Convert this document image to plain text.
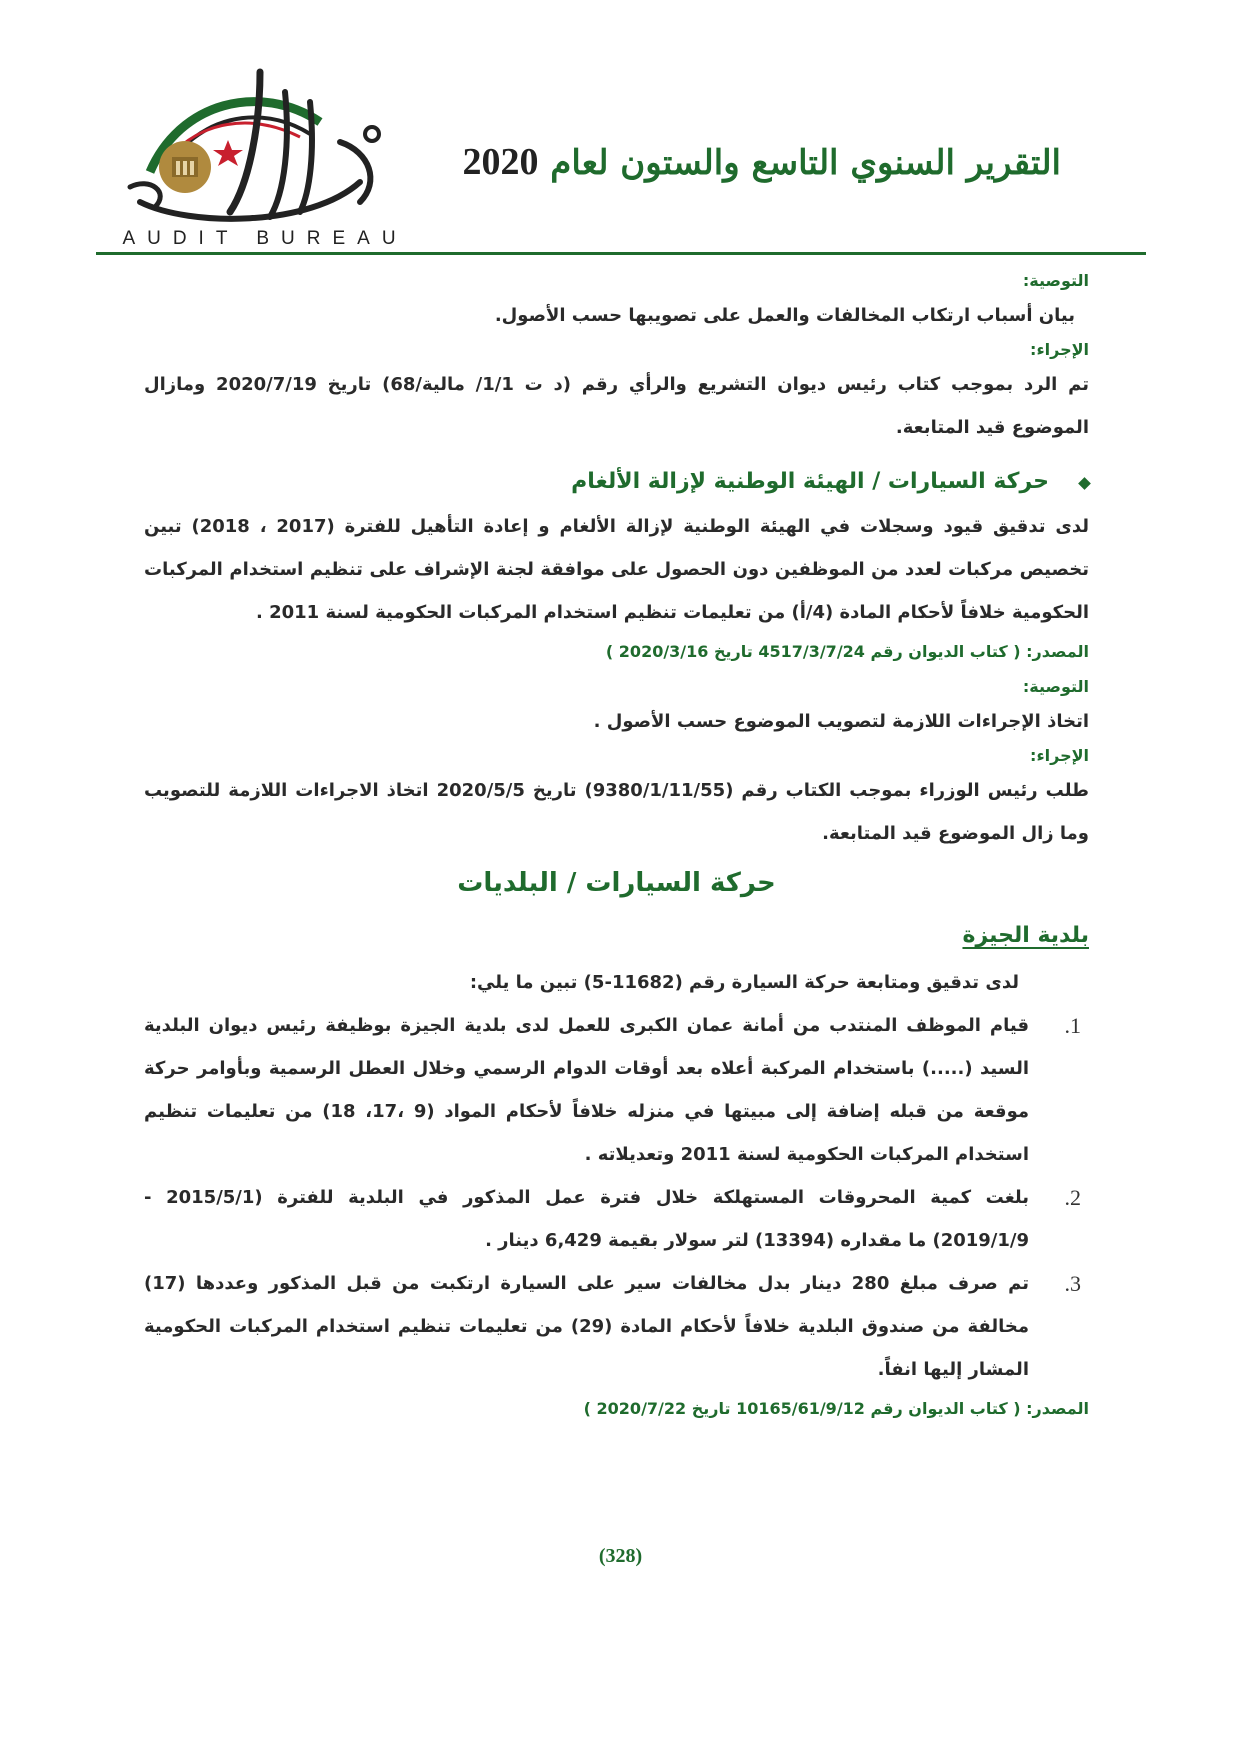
التقرير السنوي التاسع والستون لعام 2020
AUDIT BUREAU

التوصية:

بيان أسباب ارتكاب المخالفات والعمل على تصويبها حسب الأصول.

الإجراء:

تم الرد بموجب كتاب رئيس ديوان التشريع والرأي رقم (د ت 1/1/ مالية/68) تاريخ 2020/7/19 ومازال الموضوع قيد المتابعة.

حركة السيارات / الهيئة الوطنية لإزالة الألغام

لدى تدقيق قيود وسجلات في الهيئة الوطنية لإزالة الألغام و إعادة التأهيل للفترة (2017 ، 2018) تبين تخصيص مركبات لعدد من الموظفين دون الحصول على موافقة لجنة الإشراف على تنظيم استخدام المركبات الحكومية خلافاً لأحكام المادة (4/أ) من تعليمات تنظيم استخدام المركبات الحكومية لسنة 2011 .

المصدر: ( كتاب الديوان رقم 4517/3/7/24 تاريخ 2020/3/16 )

التوصية:

اتخاذ الإجراءات اللازمة لتصويب الموضوع حسب الأصول .

الإجراء:

طلب رئيس الوزراء بموجب الكتاب رقم (9380/1/11/55) تاريخ 2020/5/5 اتخاذ الاجراءات اللازمة للتصويب وما زال الموضوع قيد المتابعة.

حركة السيارات / البلديات

بلدية الجيزة

لدى تدقيق ومتابعة حركة السيارة رقم (11682-5) تبين ما يلي:

1.

قيام الموظف المنتدب من أمانة عمان الكبرى للعمل لدى بلدية الجيزة بوظيفة رئيس ديوان البلدية السيد (.....) باستخدام المركبة أعلاه بعد أوقات الدوام الرسمي وخلال العطل الرسمية وبأوامر حركة موقعة من قبله إضافة إلى مبيتها في منزله خلافاً لأحكام المواد (9 ،17، 18) من تعليمات تنظيم استخدام المركبات الحكومية لسنة 2011 وتعديلاته .

2.

بلغت كمية المحروقات المستهلكة خلال فترة عمل المذكور في البلدية للفترة (2015/5/1 - 2019/1/9) ما مقداره (13394) لتر سولار بقيمة 6,429 دينار .

3.

تم صرف مبلغ 280 دينار بدل مخالفات سير على السيارة ارتكبت من قبل المذكور وعددها (17) مخالفة من صندوق البلدية خلافاً لأحكام المادة (29) من تعليمات تنظيم استخدام المركبات الحكومية المشار إليها انفاً.

المصدر: ( كتاب الديوان رقم 10165/61/9/12 تاريخ 2020/7/22 )

(328)
